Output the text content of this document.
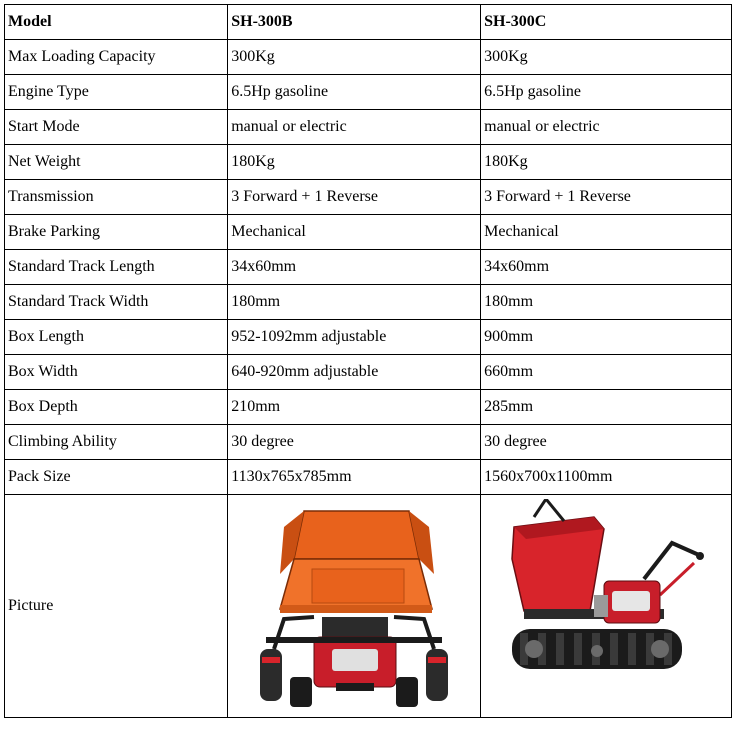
Model	SH-300B	SH-300C
Max Loading Capacity	300Kg	300Kg
Engine Type	6.5Hp gasoline	6.5Hp gasoline
Start Mode	manual or electric	manual or electric
Net Weight	180Kg	180Kg
Transmission	3 Forward + 1 Reverse	3 Forward + 1 Reverse
Brake Parking	Mechanical	Mechanical
Standard Track Length	34x60mm	34x60mm
Standard Track Width	180mm	180mm
Box Length	952-1092mm adjustable	900mm
Box Width	640-920mm adjustable	660mm
Box Depth	210mm	285mm
Climbing Ability	30 degree	30 degree
Pack Size	1130x765x785mm	1560x700x1100mm
Picture	
